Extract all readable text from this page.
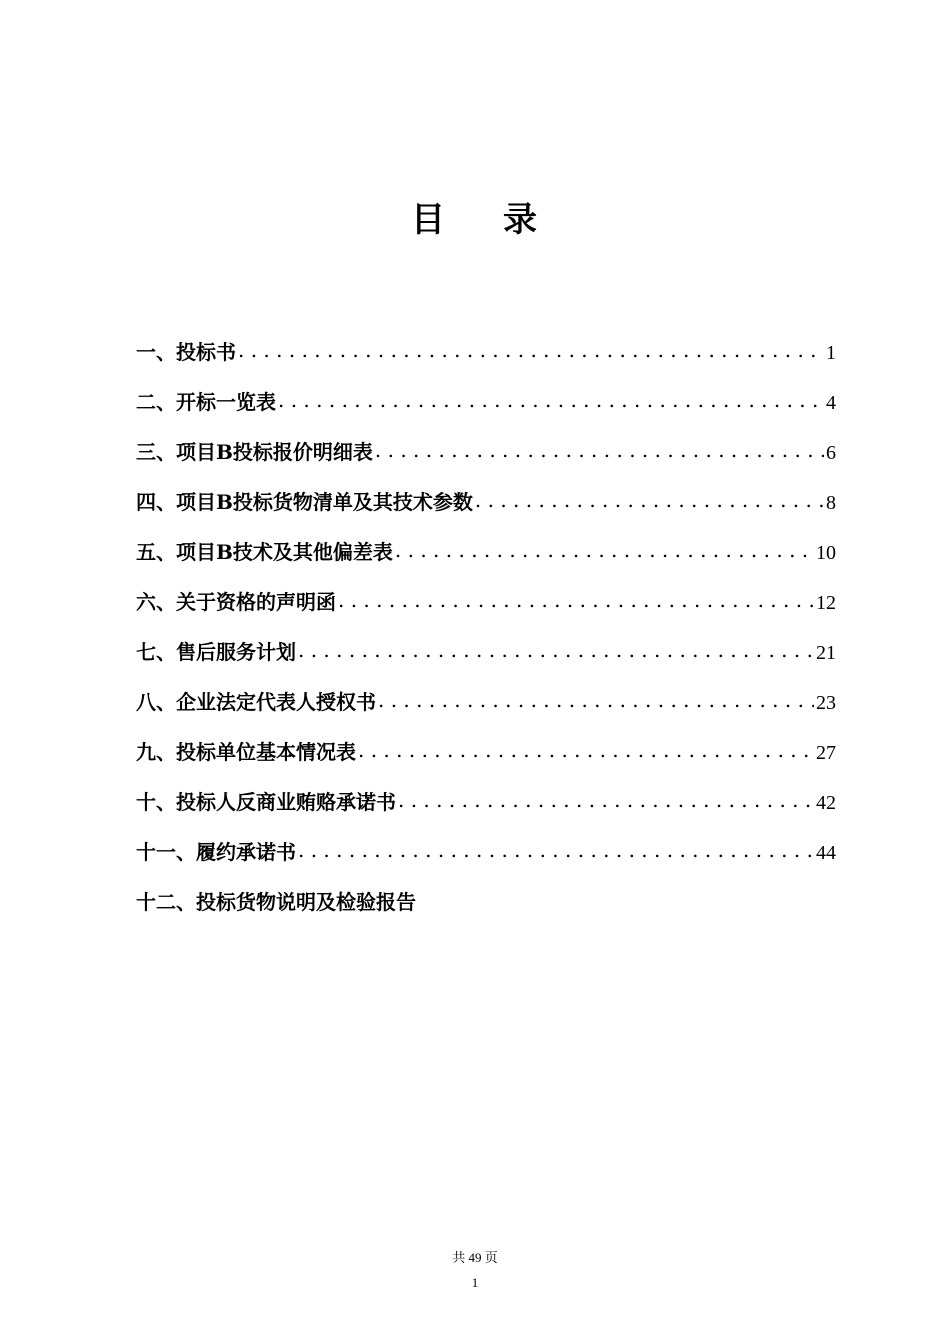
目 录
一、投标书 . . .	1
二、开标一览表 . . .	4
三、项目B投标报价明细表 . . .	6
四、项目B投标货物清单及其技术参数 . . .	8
五、项目B技术及其他偏差表 . . .	10
六、关于资格的声明函 . . .	12
七、售后服务计划 . . .	21
八、企业法定代表人授权书 . . .	23
九、投标单位基本情况表 . . .	27
十、投标人反商业贿赂承诺书 . . .	42
十一、履约承诺书 . . .	44
十二、投标货物说明及检验报告
共 49 页
1
